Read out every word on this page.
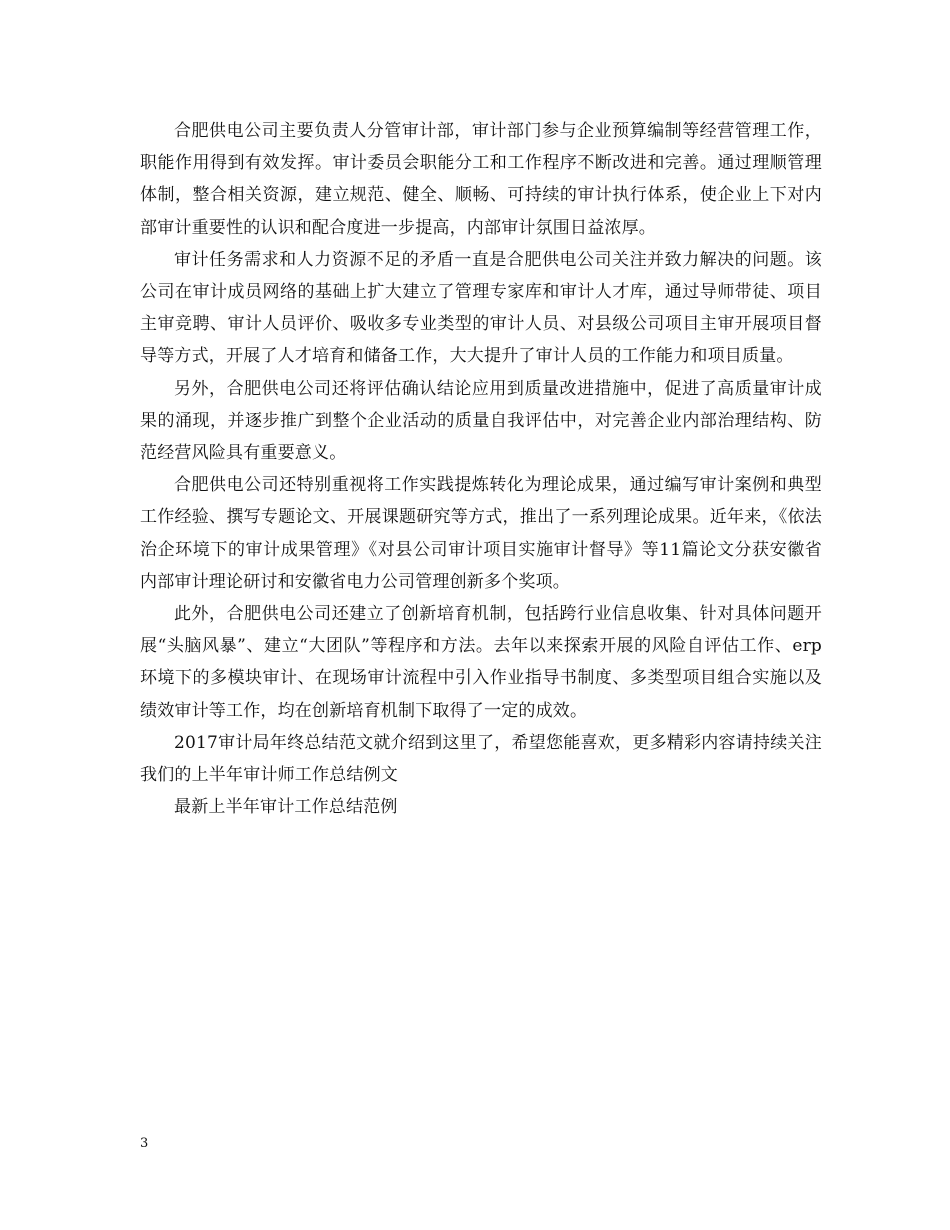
合肥供电公司主要负责人分管审计部，审计部门参与企业预算编制等经营管理工作，职能作用得到有效发挥。审计委员会职能分工和工作程序不断改进和完善。通过理顺管理体制，整合相关资源，建立规范、健全、顺畅、可持续的审计执行体系，使企业上下对内部审计重要性的认识和配合度进一步提高，内部审计氛围日益浓厚。

审计任务需求和人力资源不足的矛盾一直是合肥供电公司关注并致力解决的问题。该公司在审计成员网络的基础上扩大建立了管理专家库和审计人才库，通过导师带徒、项目主审竞聘、审计人员评价、吸收多专业类型的审计人员、对县级公司项目主审开展项目督导等方式，开展了人才培育和储备工作，大大提升了审计人员的工作能力和项目质量。

另外，合肥供电公司还将评估确认结论应用到质量改进措施中，促进了高质量审计成果的涌现，并逐步推广到整个企业活动的质量自我评估中，对完善企业内部治理结构、防范经营风险具有重要意义。

合肥供电公司还特别重视将工作实践提炼转化为理论成果，通过编写审计案例和典型工作经验、撰写专题论文、开展课题研究等方式，推出了一系列理论成果。近年来，《依法治企环境下的审计成果管理》《对县公司审计项目实施审计督导》等11篇论文分获安徽省内部审计理论研讨和安徽省电力公司管理创新多个奖项。

此外，合肥供电公司还建立了创新培育机制，包括跨行业信息收集、针对具体问题开展“头脑风暴”、建立“大团队”等程序和方法。去年以来探索开展的风险自评估工作、erp环境下的多模块审计、在现场审计流程中引入作业指导书制度、多类型项目组合实施以及绩效审计等工作，均在创新培育机制下取得了一定的成效。

2017审计局年终总结范文就介绍到这里了，希望您能喜欢，更多精彩内容请持续关注我们的上半年审计师工作总结例文

最新上半年审计工作总结范例

3
